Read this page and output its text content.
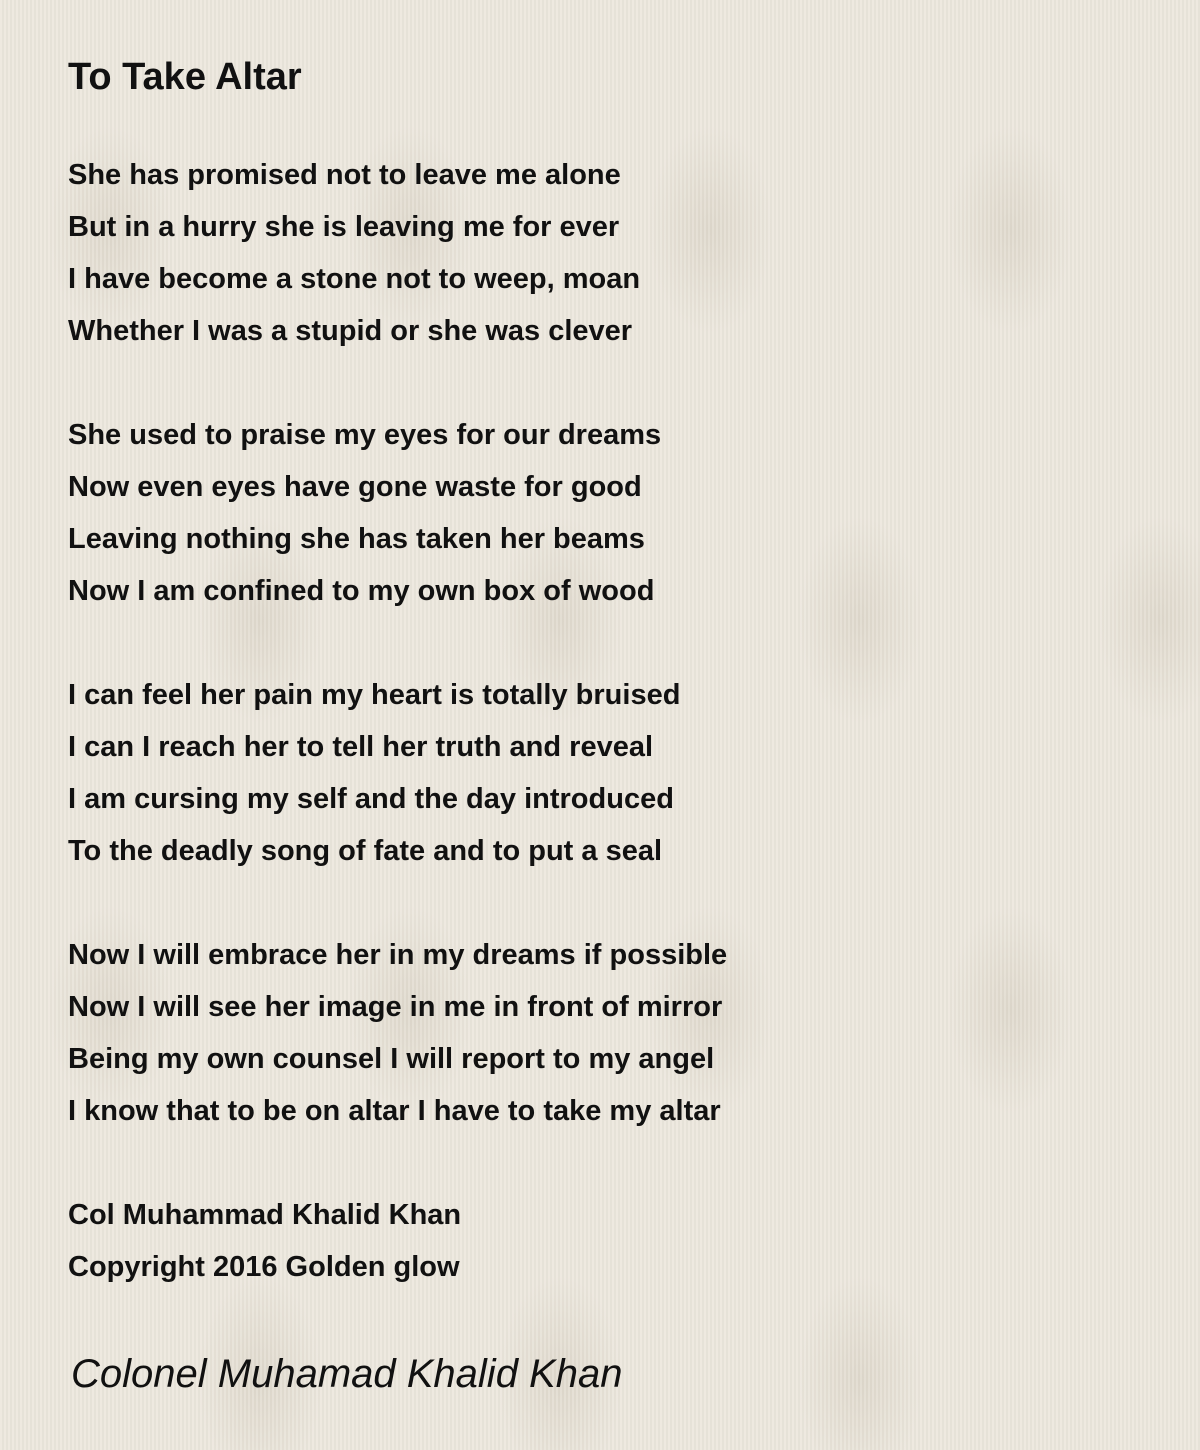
To Take Altar
She has promised not to leave me alone
But in a hurry she is leaving me for ever
I have become a stone not to weep, moan
Whether I was a stupid or she was clever
She used to praise my eyes for our dreams
Now even eyes have gone waste for good
Leaving nothing she has taken her beams
Now I am confined to my own box of wood
I can feel her pain my heart is totally bruised
I can I reach her to tell her truth and reveal
I am cursing my self and the day introduced
To the deadly song of fate and to put a seal
Now I will embrace her in my dreams if possible
Now I will see her image in me in front of mirror
Being my own counsel I will report to my angel
I know that to be on altar I have to take my altar
Col Muhammad Khalid Khan
Copyright 2016 Golden glow
Colonel Muhamad Khalid Khan
